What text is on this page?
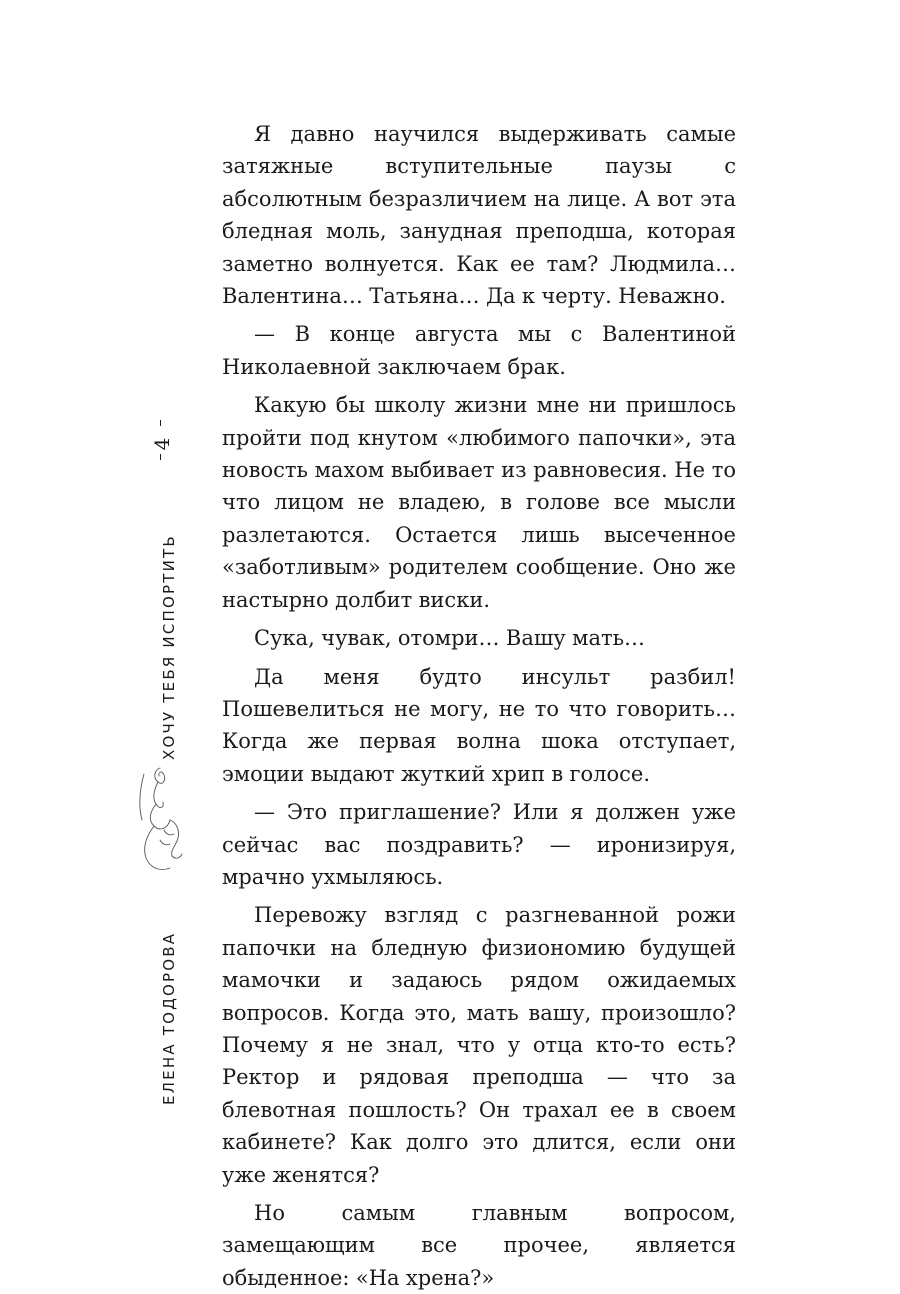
4
ХОЧУ ТЕБЯ ИСПОРТИТЬ
ЕЛЕНА ТОДОРОВА

Я давно научился выдерживать самые затяжные вступительные паузы с абсолютным безразличием на лице. А вот эта бледная моль, занудная преподша, которая заметно волнуется. Как ее там? Людмила… Валентина… Татьяна… Да к черту. Неважно.

— В конце августа мы с Валентиной Николаевной заключаем брак.

Какую бы школу жизни мне ни пришлось пройти под кнутом «любимого папочки», эта новость махом выбивает из равновесия. Не то что лицом не владею, в голове все мысли разлетаются. Остается лишь высеченное «заботливым» родителем сообщение. Оно же настырно долбит виски.

Сука, чувак, отомри… Вашу мать…

Да меня будто инсульт разбил! Пошевелиться не могу, не то что говорить… Когда же первая волна шока отступает, эмоции выдают жуткий хрип в голосе.

— Это приглашение? Или я должен уже сейчас вас поздравить? — иронизируя, мрачно ухмыляюсь.

Перевожу взгляд с разгневанной рожи папочки на бледную физиономию будущей мамочки и задаюсь рядом ожидаемых вопросов. Когда это, мать вашу, произошло? Почему я не знал, что у отца кто-то есть? Ректор и рядовая преподша — что за блевотная пошлость? Он трахал ее в своем кабинете? Как долго это длится, если они уже женятся?

Но самым главным вопросом, замещающим все прочее, является обыденное: «На хрена?»
